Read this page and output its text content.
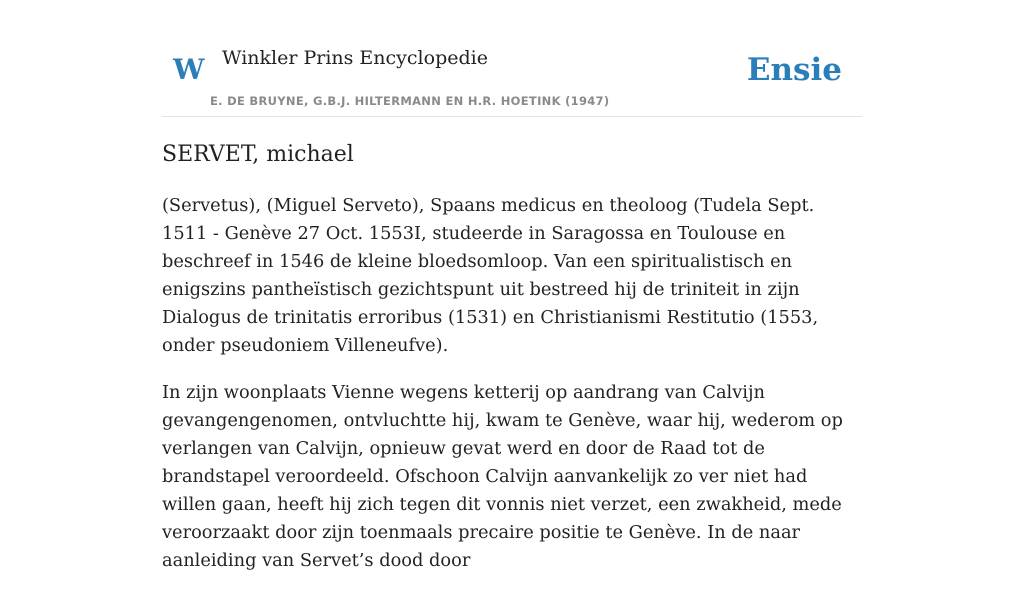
W Winkler Prins Encyclopedie
E. DE BRUYNE, G.B.J. HILTERMANN EN H.R. HOETINK (1947)
Ensie
SERVET, michael

(Servetus), (Miguel Serveto), Spaans medicus en theoloog (Tudela Sept. 1511 - Genève 27 Oct. 1553I, studeerde in Saragossa en Toulouse en beschreef in 1546 de kleine bloedsomloop. Van een spiritualistisch en enigszins pantheïstisch gezichtspunt uit bestreed hij de triniteit in zijn Dialogus de trinitatis erroribus (1531) en Christianismi Restitutio (1553, onder pseudoniem Villeneufve).

In zijn woonplaats Vienne wegens ketterij op aandrang van Calvijn gevangengenomen, ontvluchtte hij, kwam te Genève, waar hij, wederom op verlangen van Calvijn, opnieuw gevat werd en door de Raad tot de brandstapel veroordeeld. Ofschoon Calvijn aanvankelijk zo ver niet had willen gaan, heeft hij zich tegen dit vonnis niet verzet, een zwakheid, mede veroorzaakt door zijn toenmaals precaire positie te Genève. In de naar aanleiding van Servet’s dood door
